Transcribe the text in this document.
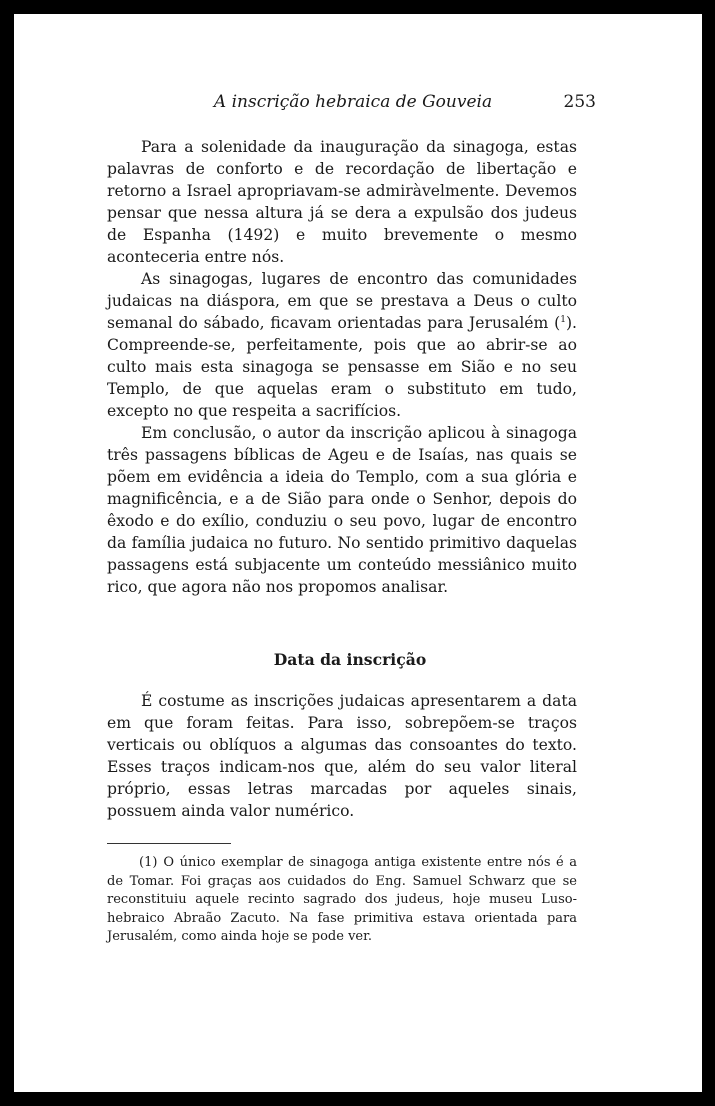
A inscrição hebraica de Gouveia	253

Para a solenidade da inauguração da sinagoga, estas palavras de conforto e de recordação de libertação e retorno a Israel apropriavam-se admiràvelmente. Devemos pensar que nessa altura já se dera a expulsão dos judeus de Espanha (1492) e muito brevemente o mesmo aconteceria entre nós.

As sinagogas, lugares de encontro das comunidades judaicas na diáspora, em que se prestava a Deus o culto semanal do sábado, ficavam orientadas para Jerusalém ($^1$). Compreende-se, perfeitamente, pois que ao abrir-se ao culto mais esta sinagoga se pensasse em Sião e no seu Templo, de que aquelas eram o substituto em tudo, excepto no que respeita a sacrifícios.

Em conclusão, o autor da inscrição aplicou à sinagoga três passagens bíblicas de Ageu e de Isaías, nas quais se põem em evidência a ideia do Templo, com a sua glória e magnificência, e a de Sião para onde o Senhor, depois do êxodo e do exílio, conduziu o seu povo, lugar de encontro da família judaica no futuro. No sentido primitivo daquelas passagens está subjacente um conteúdo messiânico muito rico, que agora não nos propomos analisar.

Data da inscrição

É costume as inscrições judaicas apresentarem a data em que foram feitas. Para isso, sobrepõem-se traços verticais ou oblíquos a algumas das consoantes do texto. Esses traços indicam-nos que, além do seu valor literal próprio, essas letras marcadas por aqueles sinais, possuem ainda valor numérico.

(1) O único exemplar de sinagoga antiga existente entre nós é a de Tomar. Foi graças aos cuidados do Eng. Samuel Schwarz que se reconstituiu aquele recinto sagrado dos judeus, hoje museu Luso-hebraico Abraão Zacuto. Na fase primitiva estava orientada para Jerusalém, como ainda hoje se pode ver.
